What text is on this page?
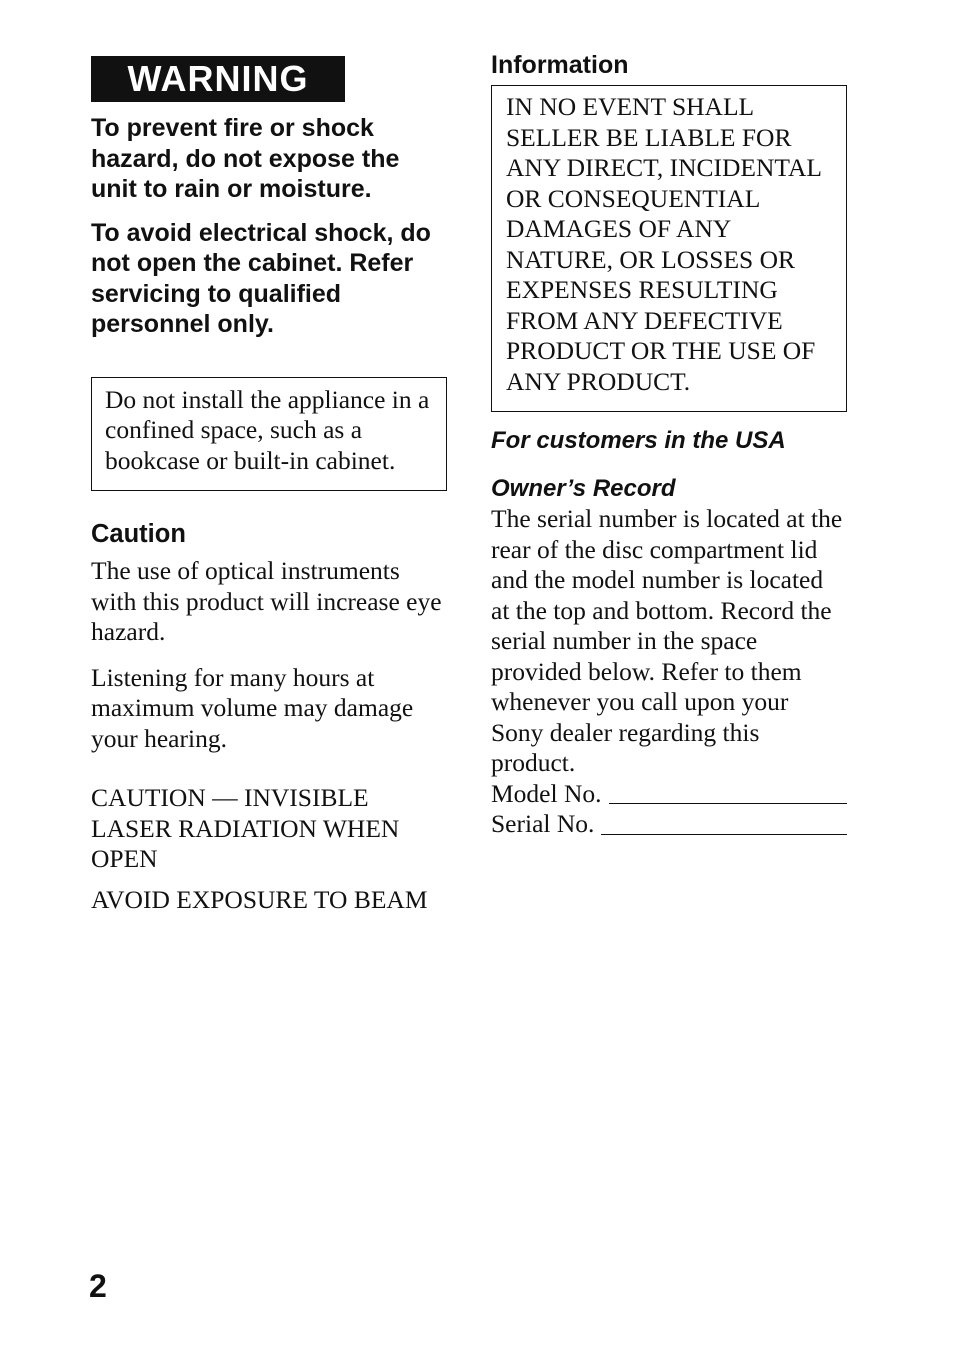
WARNING

To prevent fire or shock hazard, do not expose the unit to rain or moisture.

To avoid electrical shock, do not open the cabinet. Refer servicing to qualified personnel only.

Do not install the appliance in a confined space, such as a bookcase or built-in cabinet.

Caution

The use of optical instruments with this product will increase eye hazard.

Listening for many hours at maximum volume may damage your hearing.

CAUTION — INVISIBLE LASER RADIATION WHEN OPEN

AVOID EXPOSURE TO BEAM

Information

IN NO EVENT SHALL SELLER BE LIABLE FOR ANY DIRECT, INCIDENTAL OR CONSEQUENTIAL DAMAGES OF ANY NATURE, OR LOSSES OR EXPENSES RESULTING FROM ANY DEFECTIVE PRODUCT OR THE USE OF ANY PRODUCT.

For customers in the USA
Owner’s Record

The serial number is located at the rear of the disc compartment lid and the model number is located at the top and bottom. Record the serial number in the space provided below. Refer to them whenever you call upon your Sony dealer regarding this product.

Model No.
Serial No.
2
